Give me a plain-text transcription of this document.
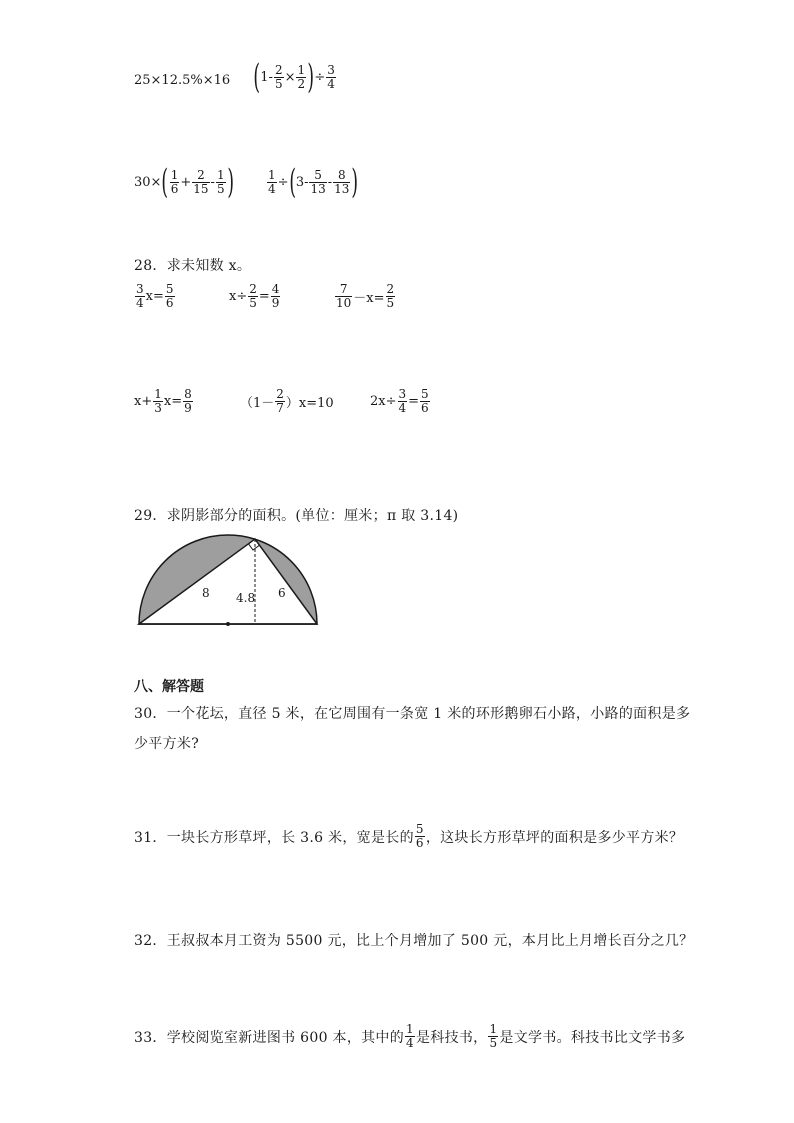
25×12.5%×16 ( $1- \frac{2}{5} \times \frac{1}{2}$ ) ÷ $\frac{3}{4}$
30× ( $\frac{1}{6} + \frac{2}{15} - \frac{1}{5}$ )	$\frac{1}{4}$ ÷ ( $3- \frac{5}{13} - \frac{8}{13}$ )
28．求未知数 x。
$\frac{3}{4} x= \frac{5}{6}$	$x\div \frac{2}{5} = \frac{4}{9}$	$\frac{7}{10} -x= \frac{2}{5}$
$x+ \frac{1}{3} x= \frac{8}{9}$	$(1- \frac{2}{7} )x=10$	$2x\div \frac{3}{4} = \frac{5}{6}$
29．求阴影部分的面积。(单位：厘米；π 取 3.14)
8 4.8 6
八、解答题
30．一个花坛，直径 5 米，在它周围有一条宽 1 米的环形鹅卵石小路，小路的面积是多
少平方米?
31．一块长方形草坪，长 3.6 米，宽是长的 $\frac{5}{6}$ ，这块长方形草坪的面积是多少平方米？
32．王叔叔本月工资为 5500 元，比上个月增加了 500 元，本月比上月增长百分之几？
33．学校阅览室新进图书 600 本，其中的 $\frac{1}{4}$ 是科技书， $\frac{1}{5}$ 是文学书。科技书比文学书多
